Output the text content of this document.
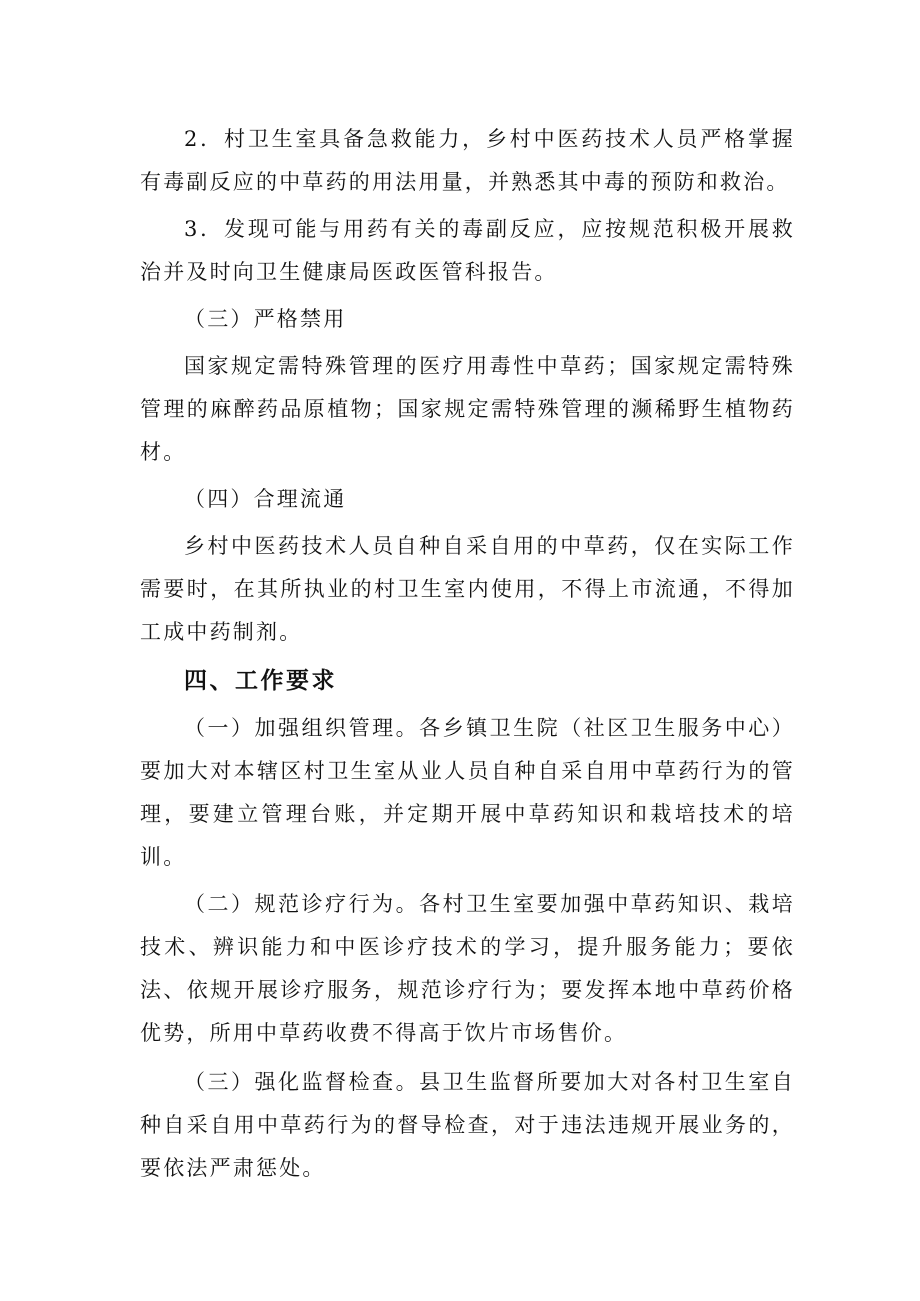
2．村卫生室具备急救能力，乡村中医药技术人员严格掌握有毒副反应的中草药的用法用量，并熟悉其中毒的预防和救治。

3．发现可能与用药有关的毒副反应，应按规范积极开展救治并及时向卫生健康局医政医管科报告。

（三）严格禁用

国家规定需特殊管理的医疗用毒性中草药；国家规定需特殊管理的麻醉药品原植物；国家规定需特殊管理的濒稀野生植物药材。

（四）合理流通

乡村中医药技术人员自种自采自用的中草药，仅在实际工作需要时，在其所执业的村卫生室内使用，不得上市流通，不得加工成中药制剂。

四、工作要求

（一）加强组织管理。各乡镇卫生院（社区卫生服务中心）要加大对本辖区村卫生室从业人员自种自采自用中草药行为的管理，要建立管理台账，并定期开展中草药知识和栽培技术的培训。

（二）规范诊疗行为。各村卫生室要加强中草药知识、栽培技术、辨识能力和中医诊疗技术的学习，提升服务能力；要依法、依规开展诊疗服务，规范诊疗行为；要发挥本地中草药价格优势，所用中草药收费不得高于饮片市场售价。

（三）强化监督检查。县卫生监督所要加大对各村卫生室自种自采自用中草药行为的督导检查，对于违法违规开展业务的，要依法严肃惩处。
